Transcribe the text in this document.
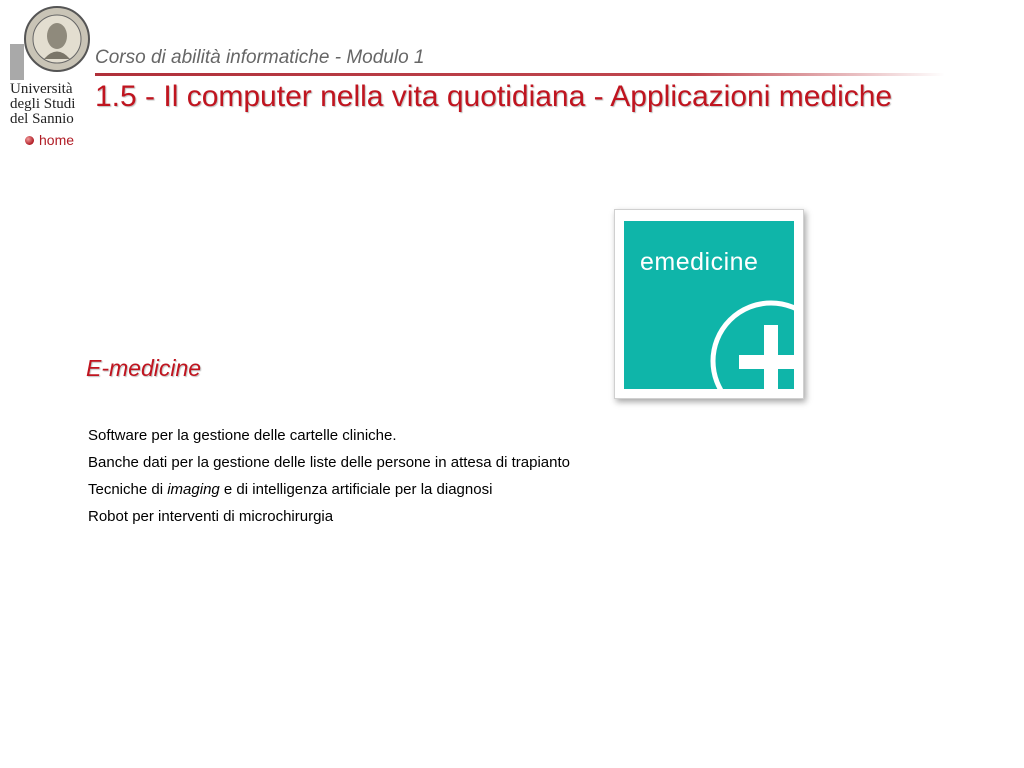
Università
degli Studi
del Sannio
Corso di abilità informatiche - Modulo 1
1.5 - Il computer nella vita quotidiana - Applicazioni mediche
home
E-medicine
Software per la gestione delle cartelle cliniche.
Banche dati per la gestione delle liste delle persone in attesa di trapianto
Tecniche di imaging e di intelligenza artificiale per la diagnosi
Robot per interventi di microchirurgia
emedicine
